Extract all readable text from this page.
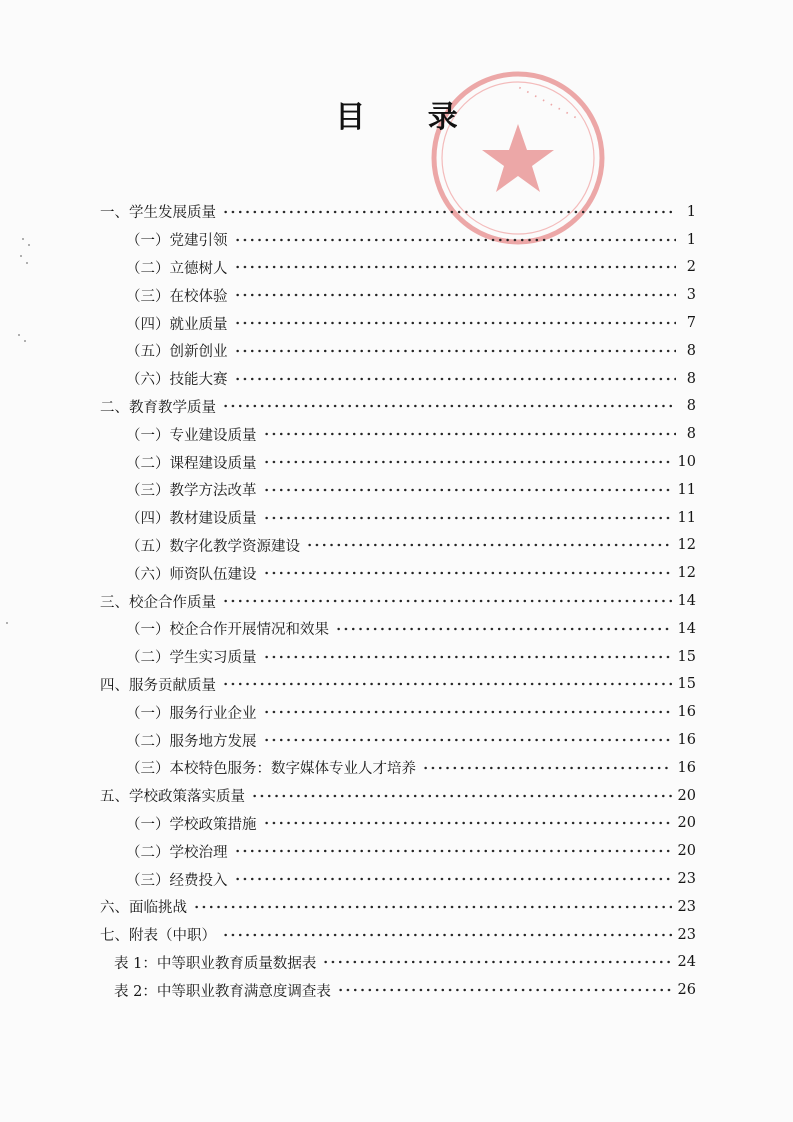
· · · · · · · ·
目 录
一、学生发展质量	1
（一）党建引领	1
（二）立德树人	2
（三）在校体验	3
（四）就业质量	7
（五）创新创业	8
（六）技能大赛	8
二、教育教学质量	8
（一）专业建设质量	8
（二）课程建设质量	10
（三）教学方法改革	11
（四）教材建设质量	11
（五）数字化教学资源建设	12
（六）师资队伍建设	12
三、校企合作质量	14
（一）校企合作开展情况和效果	14
（二）学生实习质量	15
四、服务贡献质量	15
（一）服务行业企业	16
（二）服务地方发展	16
（三）本校特色服务：数字媒体专业人才培养	16
五、学校政策落实质量	20
（一）学校政策措施	20
（二）学校治理	20
（三）经费投入	23
六、面临挑战	23
七、附表（中职）	23
表 1：中等职业教育质量数据表	24
表 2：中等职业教育满意度调查表	26
